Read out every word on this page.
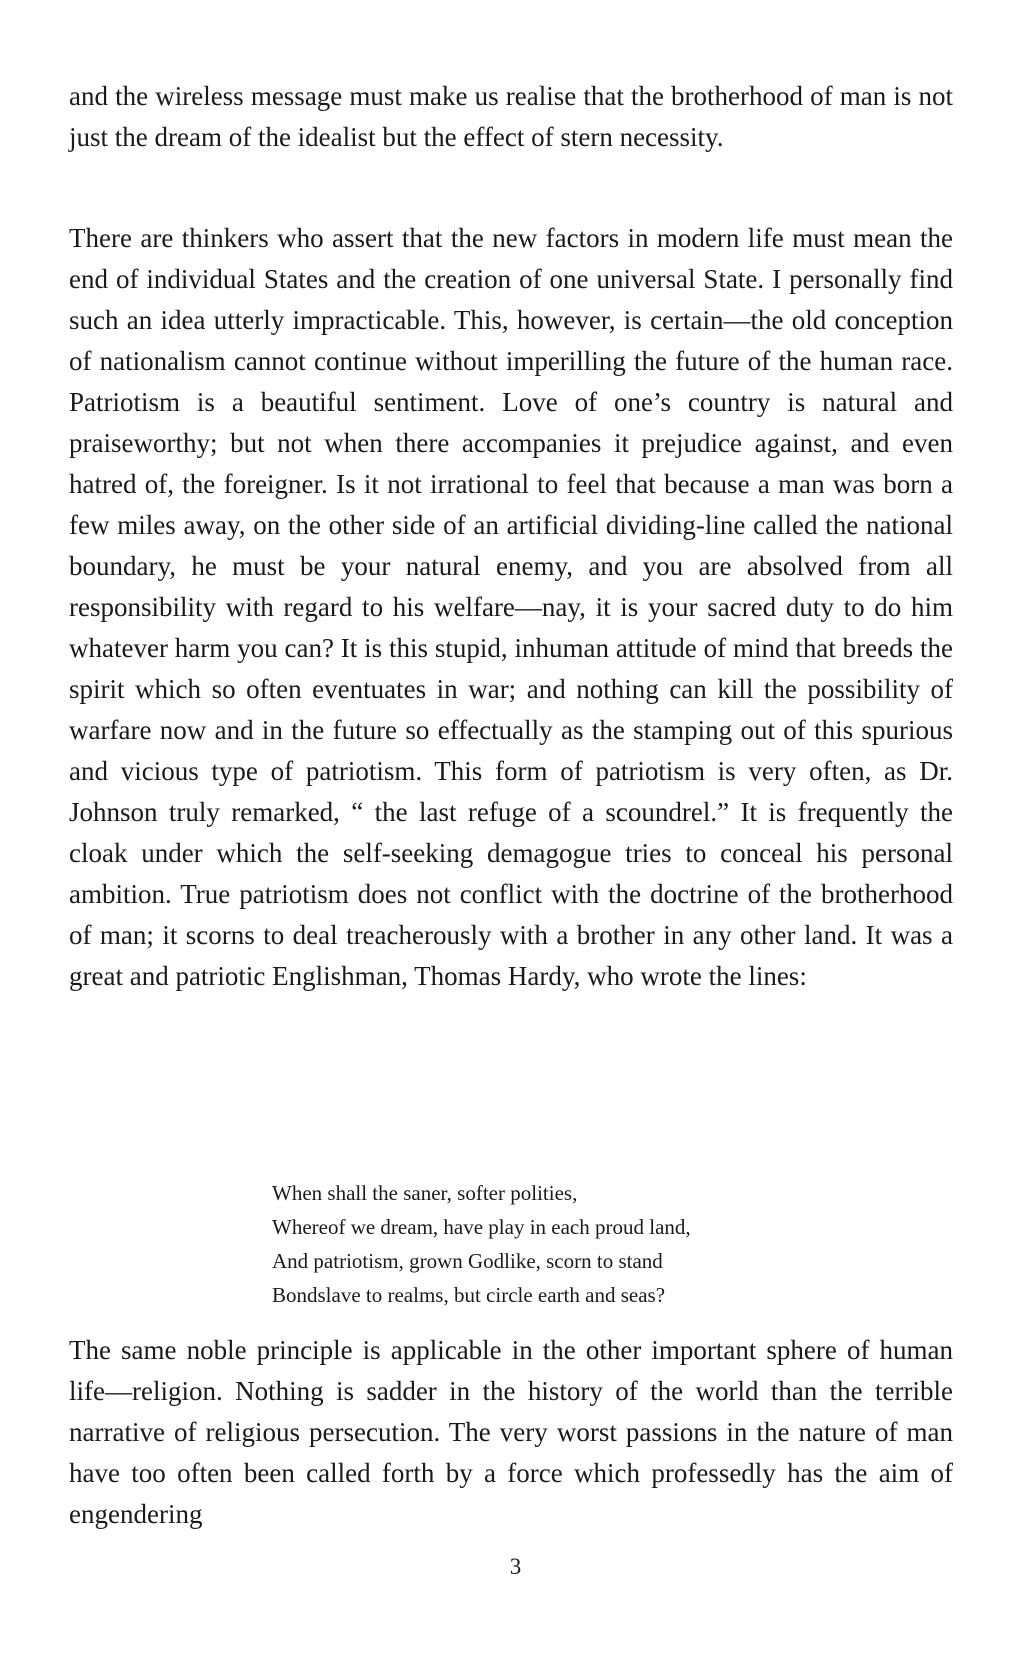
and the wireless message must make us realise that the brotherhood of man is not just the dream of the idealist but the effect of stern necessity.

There are thinkers who assert that the new factors in modern life must mean the end of individual States and the creation of one universal State. I personally find such an idea utterly impracticable. This, however, is certain—the old conception of nationalism cannot continue without imperilling the future of the human race. Patriotism is a beautiful sentiment. Love of one’s country is natural and praiseworthy; but not when there accompanies it prejudice against, and even hatred of, the foreigner. Is it not irrational to feel that because a man was born a few miles away, on the other side of an artificial dividing-line called the national boundary, he must be your natural enemy, and you are absolved from all responsibility with regard to his welfare—nay, it is your sacred duty to do him whatever harm you can? It is this stupid, inhuman attitude of mind that breeds the spirit which so often eventuates in war; and nothing can kill the possibility of warfare now and in the future so effectually as the stamping out of this spurious and vicious type of patriotism. This form of patriotism is very often, as Dr. Johnson truly remarked, “ the last refuge of a scoundrel.” It is frequently the cloak under which the self-seeking demagogue tries to conceal his personal ambition. True patriotism does not conflict with the doctrine of the brotherhood of man; it scorns to deal treacherously with a brother in any other land. It was a great and patriotic Englishman, Thomas Hardy, who wrote the lines:

When shall the saner, softer polities,
Whereof we dream, have play in each proud land,
And patriotism, grown Godlike, scorn to stand
Bondslave to realms, but circle earth and seas?

The same noble principle is applicable in the other important sphere of human life—religion. Nothing is sadder in the history of the world than the terrible narrative of religious persecution. The very worst passions in the nature of man have too often been called forth by a force which professedly has the aim of engendering

3
